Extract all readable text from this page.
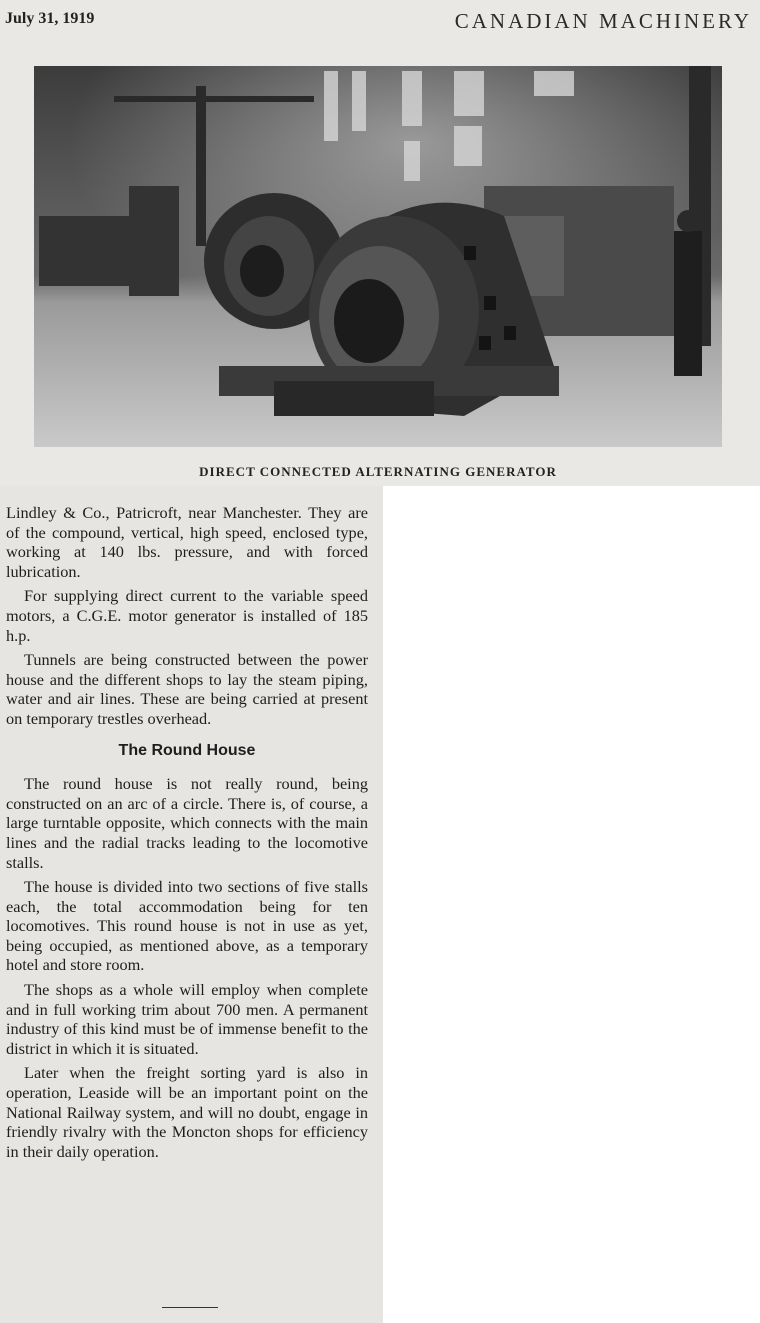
July 31, 1919	CANADIAN MACHINERY
DIRECT CONNECTED ALTERNATING GENERATOR

Lindley & Co., Patricroft, near Manchester. They are of the compound, vertical, high speed, enclosed type, working at 140 lbs. pressure, and with forced lubrication.

For supplying direct current to the variable speed motors, a C.G.E. motor generator is installed of 185 h.p.

Tunnels are being constructed between the power house and the different shops to lay the steam piping, water and air lines. These are being carried at present on temporary trestles overhead.

The Round House

The round house is not really round, being constructed on an arc of a circle. There is, of course, a large turntable opposite, which connects with the main lines and the radial tracks leading to the locomotive stalls.

The house is divided into two sections of five stalls each, the total accommodation being for ten locomotives. This round house is not in use as yet, being occupied, as mentioned above, as a temporary hotel and store room.

The shops as a whole will employ when complete and in full working trim about 700 men. A permanent industry of this kind must be of immense benefit to the district in which it is situated.

Later when the freight sorting yard is also in operation, Leaside will be an important point on the National Railway system, and will no doubt, engage in friendly rivalry with the Moncton shops for efficiency in their daily operation.
